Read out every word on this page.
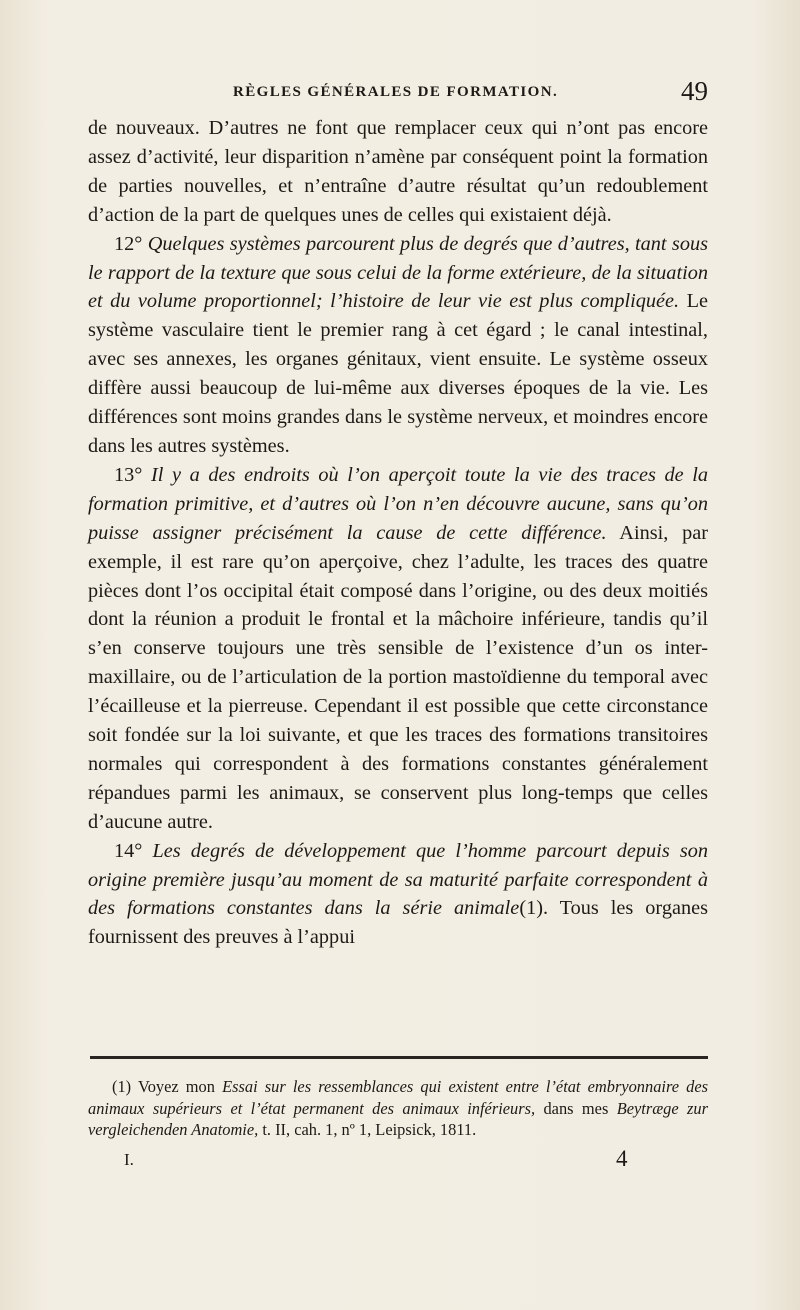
RÈGLES GÉNÉRALES DE FORMATION.	49

de nouveaux. D’autres ne font que remplacer ceux qui n’ont pas encore assez d’activité, leur disparition n’amène par conséquent point la formation de parties nouvelles, et n’entraîne d’autre résultat qu’un redoublement d’action de la part de quelques unes de celles qui existaient déjà.

12° Quelques systèmes parcourent plus de degrés que d’autres, tant sous le rapport de la texture que sous celui de la forme extérieure, de la situation et du volume proportionnel; l’histoire de leur vie est plus compliquée. Le système vasculaire tient le premier rang à cet égard ; le canal intestinal, avec ses annexes, les organes génitaux, vient ensuite. Le système osseux diffère aussi beaucoup de lui-même aux diverses époques de la vie. Les différences sont moins grandes dans le système nerveux, et moindres encore dans les autres systèmes.

13° Il y a des endroits où l’on aperçoit toute la vie des traces de la formation primitive, et d’autres où l’on n’en découvre aucune, sans qu’on puisse assigner précisément la cause de cette différence. Ainsi, par exemple, il est rare qu’on aperçoive, chez l’adulte, les traces des quatre pièces dont l’os occipital était composé dans l’origine, ou des deux moitiés dont la réunion a produit le frontal et la mâchoire inférieure, tandis qu’il s’en conserve toujours une très sensible de l’existence d’un os inter-maxillaire, ou de l’articulation de la portion mastoïdienne du temporal avec l’écailleuse et la pierreuse. Cependant il est possible que cette circonstance soit fondée sur la loi suivante, et que les traces des formations transitoires normales qui correspondent à des formations constantes généralement répandues parmi les animaux, se conservent plus long-temps que celles d’aucune autre.

14° Les degrés de développement que l’homme parcourt depuis son origine première jusqu’au moment de sa maturité parfaite correspondent à des formations constantes dans la série animale(1). Tous les organes fournissent des preuves à l’appui

(1) Voyez mon Essai sur les ressemblances qui existent entre l’état embryonnaire des animaux supérieurs et l’état permanent des animaux inférieurs, dans mes Beytræge zur vergleichenden Anatomie, t. II, cah. 1, nº 1, Leipsick, 1811.

I.	4
